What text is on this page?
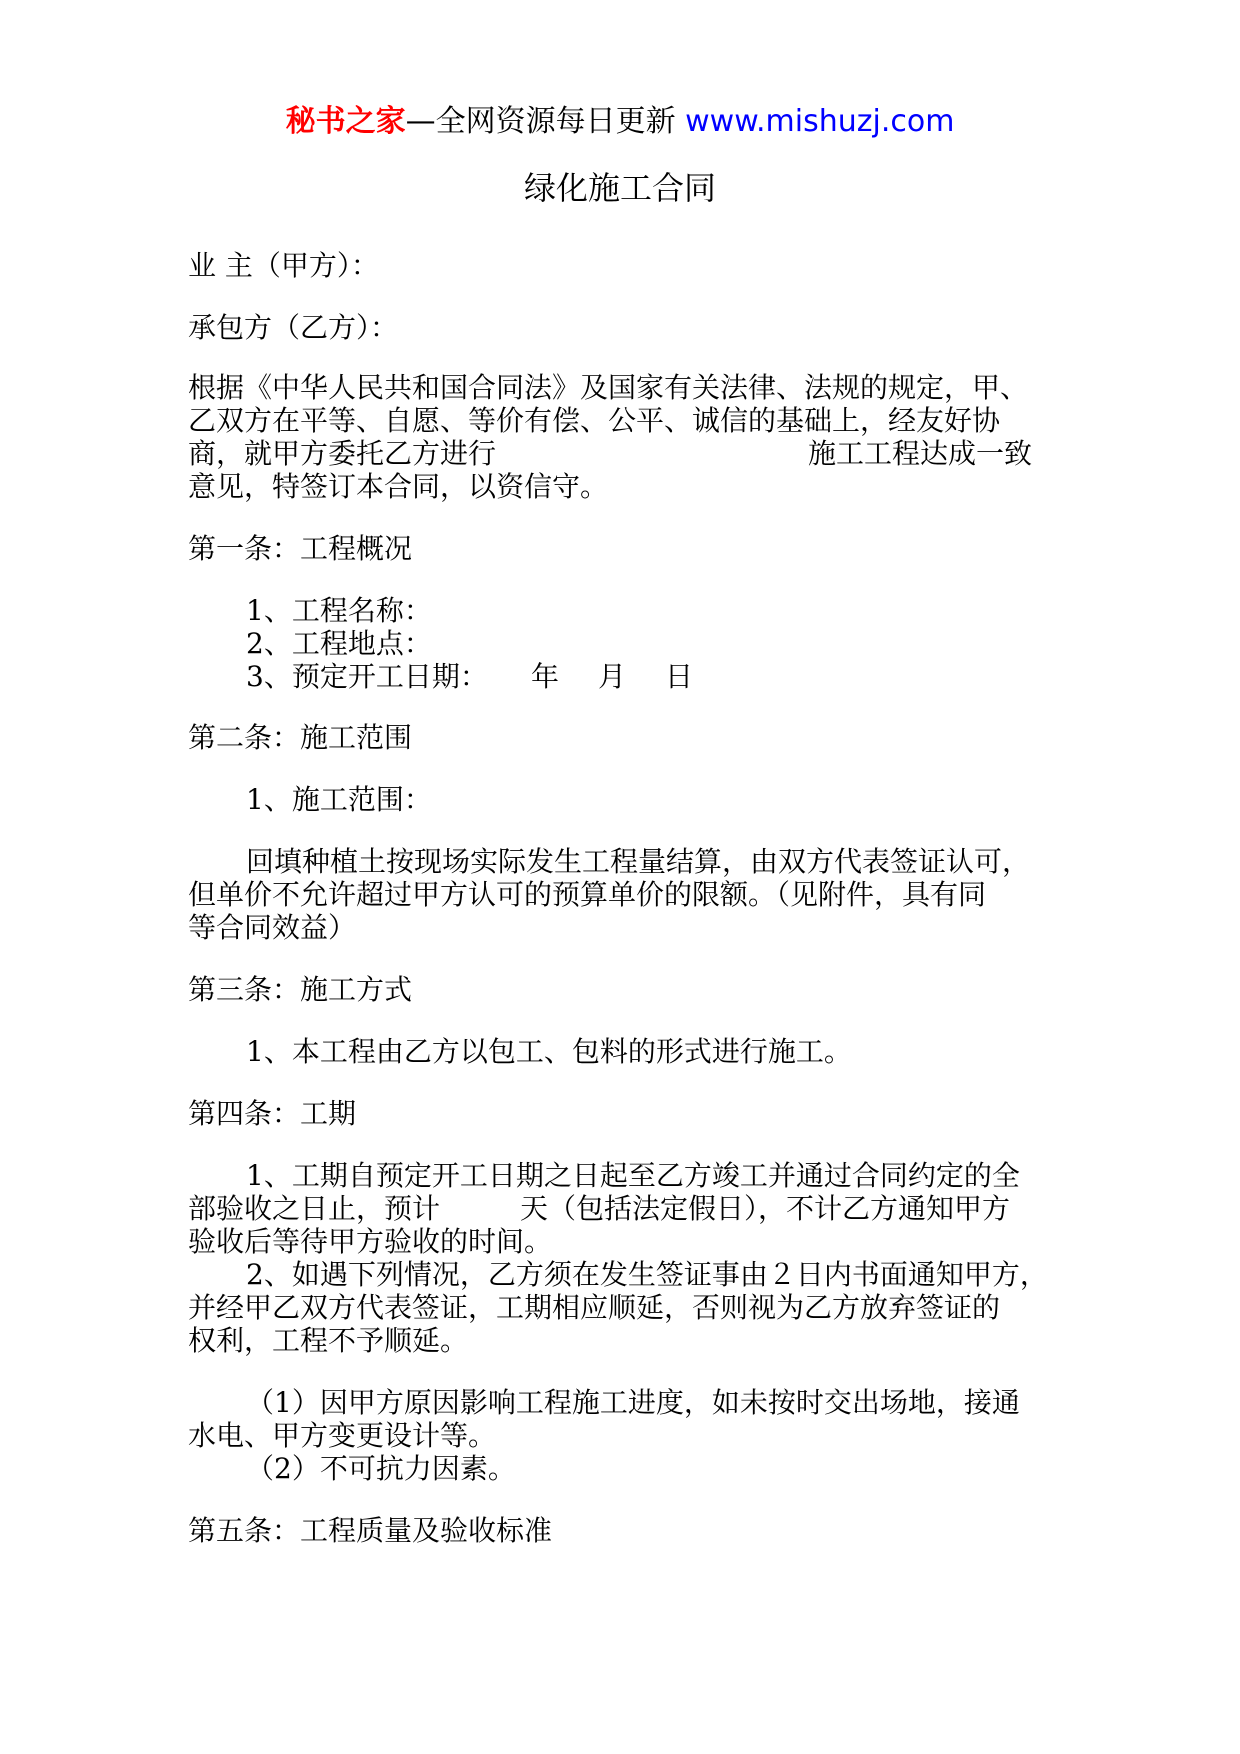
秘书之家—全网资源每日更新 www.mishuzj.com
绿化施工合同
业 主（甲方）：
承包方（乙方）：
根据《中华人民共和国合同法》及国家有关法律、法规的规定，甲、
乙双方在平等、自愿、等价有偿、公平、诚信的基础上，经友好协
商，就甲方委托乙方进行	施工工程达成一致
意见，特签订本合同，以资信守。
第一条：工程概况
1、工程名称：
2、工程地点：
3、预定开工日期： 年 月 日
第二条：施工范围
1、施工范围：
回填种植土按现场实际发生工程量结算，由双方代表签证认可，
但单价不允许超过甲方认可的预算单价的限额。（见附件，具有同
等合同效益）
第三条：施工方式
1、本工程由乙方以包工、包料的形式进行施工。
第四条：工期
1、工期自预定开工日期之日起至乙方竣工并通过合同约定的全
部验收之日止，预计	天（包括法定假日），不计乙方通知甲方
验收后等待甲方验收的时间。
2、如遇下列情况，乙方须在发生签证事由２日内书面通知甲方，
并经甲乙双方代表签证，工期相应顺延，否则视为乙方放弃签证的
权利，工程不予顺延。
（1）因甲方原因影响工程施工进度，如未按时交出场地，接通
水电、甲方变更设计等。
（2）不可抗力因素。
第五条：工程质量及验收标准
